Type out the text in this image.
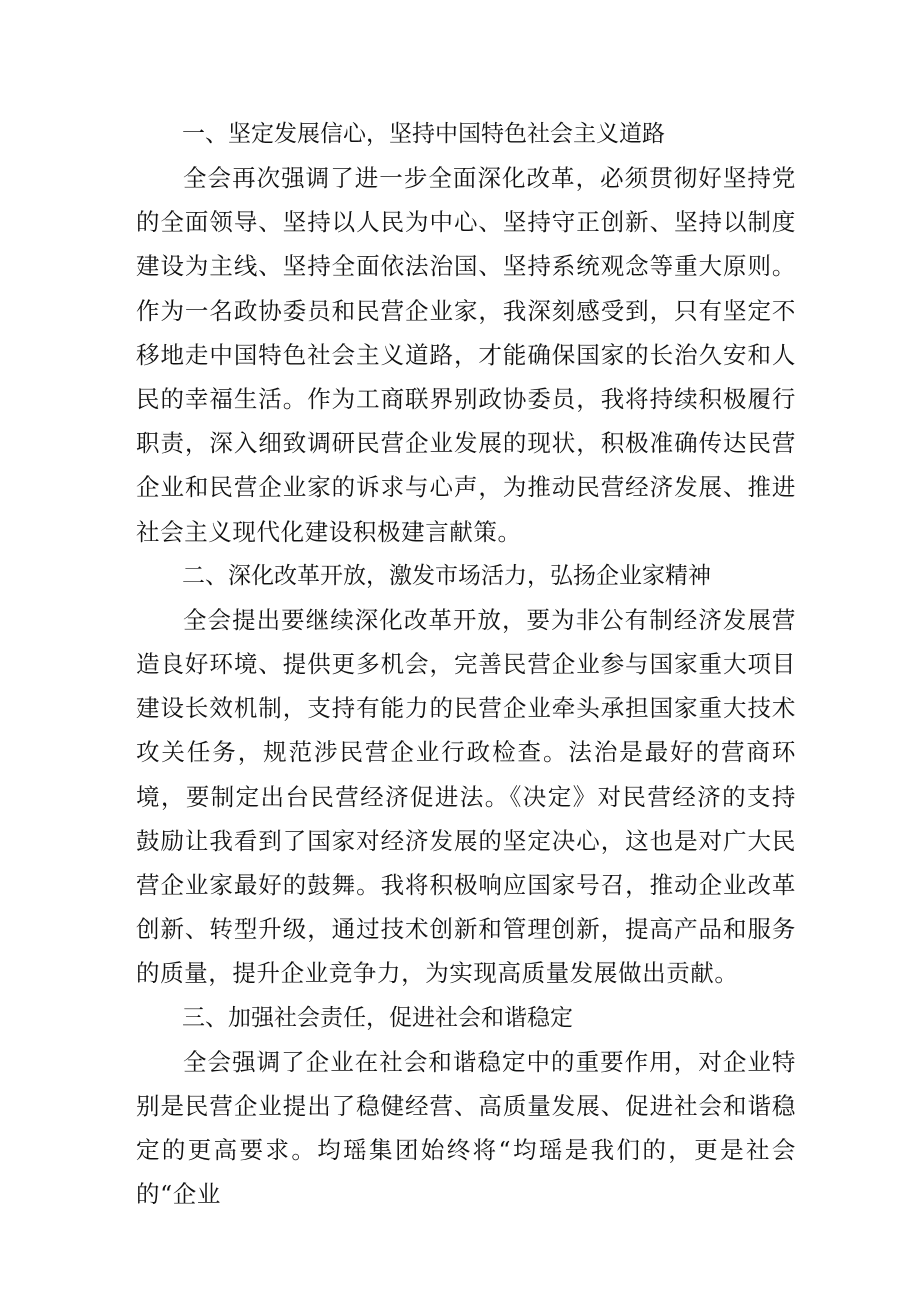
一、坚定发展信心，坚持中国特色社会主义道路

全会再次强调了进一步全面深化改革，必须贯彻好坚持党的全面领导、坚持以人民为中心、坚持守正创新、坚持以制度建设为主线、坚持全面依法治国、坚持系统观念等重大原则。作为一名政协委员和民营企业家，我深刻感受到，只有坚定不移地走中国特色社会主义道路，才能确保国家的长治久安和人民的幸福生活。作为工商联界别政协委员，我将持续积极履行职责，深入细致调研民营企业发展的现状，积极准确传达民营企业和民营企业家的诉求与心声，为推动民营经济发展、推进社会主义现代化建设积极建言献策。

二、深化改革开放，激发市场活力，弘扬企业家精神

全会提出要继续深化改革开放，要为非公有制经济发展营造良好环境、提供更多机会，完善民营企业参与国家重大项目建设长效机制，支持有能力的民营企业牵头承担国家重大技术攻关任务，规范涉民营企业行政检查。法治是最好的营商环境，要制定出台民营经济促进法。《决定》对民营经济的支持鼓励让我看到了国家对经济发展的坚定决心，这也是对广大民营企业家最好的鼓舞。我将积极响应国家号召，推动企业改革创新、转型升级，通过技术创新和管理创新，提高产品和服务的质量，提升企业竞争力，为实现高质量发展做出贡献。

三、加强社会责任，促进社会和谐稳定

全会强调了企业在社会和谐稳定中的重要作用，对企业特别是民营企业提出了稳健经营、高质量发展、促进社会和谐稳定的更高要求。均瑶集团始终将“均瑶是我们的，更是社会的“企业
